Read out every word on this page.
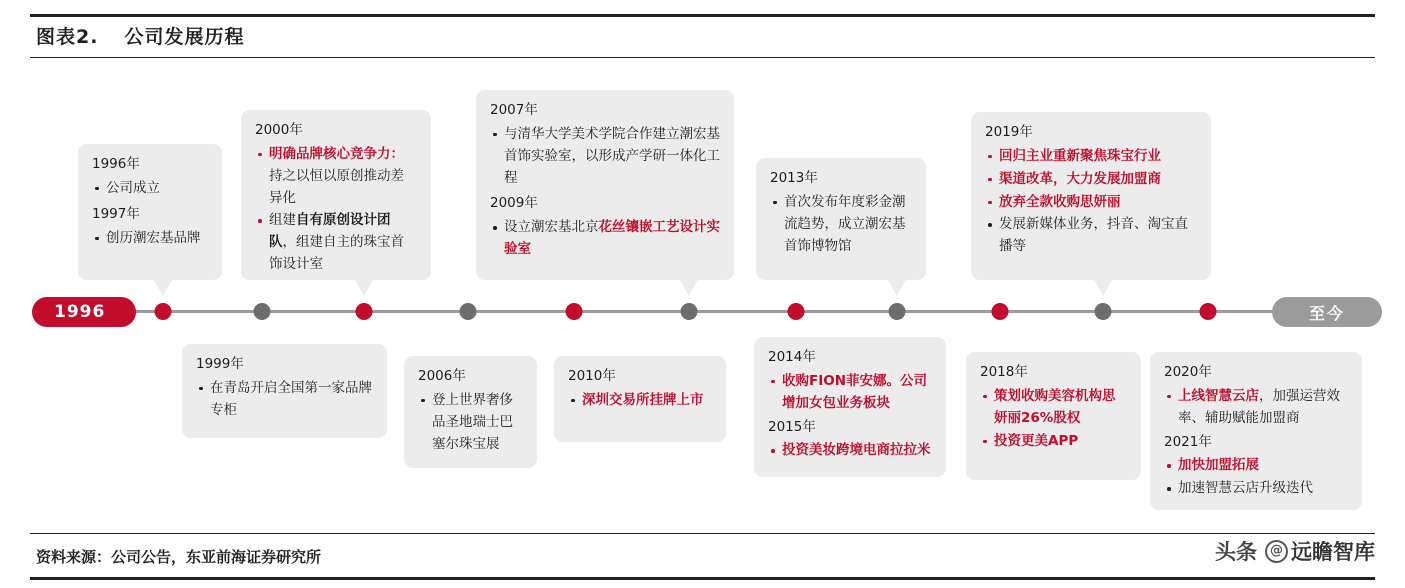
图表2. 公司发展历程
1996	至今
1996年
公司成立
1997年
创历潮宏基品牌
2000年
明确品牌核心竞争力：持之以恒以原创推动差异化
组建自有原创设计团队，组建自主的珠宝首饰设计室
2007年
与清华大学美术学院合作建立潮宏基首饰实验室，以形成产学研一体化工程
2009年
设立潮宏基北京花丝镶嵌工艺设计实验室
2013年
首次发布年度彩金潮流趋势，成立潮宏基首饰博物馆
2019年
回归主业重新聚焦珠宝行业
渠道改革，大力发展加盟商
放弃全款收购思妍丽
发展新媒体业务，抖音、淘宝直播等
1999年
在青岛开启全国第一家品牌专柜
2006年
登上世界奢侈品圣地瑞士巴塞尔珠宝展
2010年
深圳交易所挂牌上市
2014年
收购FION菲安娜。公司增加女包业务板块
2015年
投资美妆跨境电商拉拉米
2018年
策划收购美容机构思妍丽26%股权
投资更美APP
2020年
上线智慧云店，加强运营效率、辅助赋能加盟商
2021年
加快加盟拓展
加速智慧云店升级迭代
资料来源：公司公告，东亚前海证券研究所	头条	@ 远瞻智库
